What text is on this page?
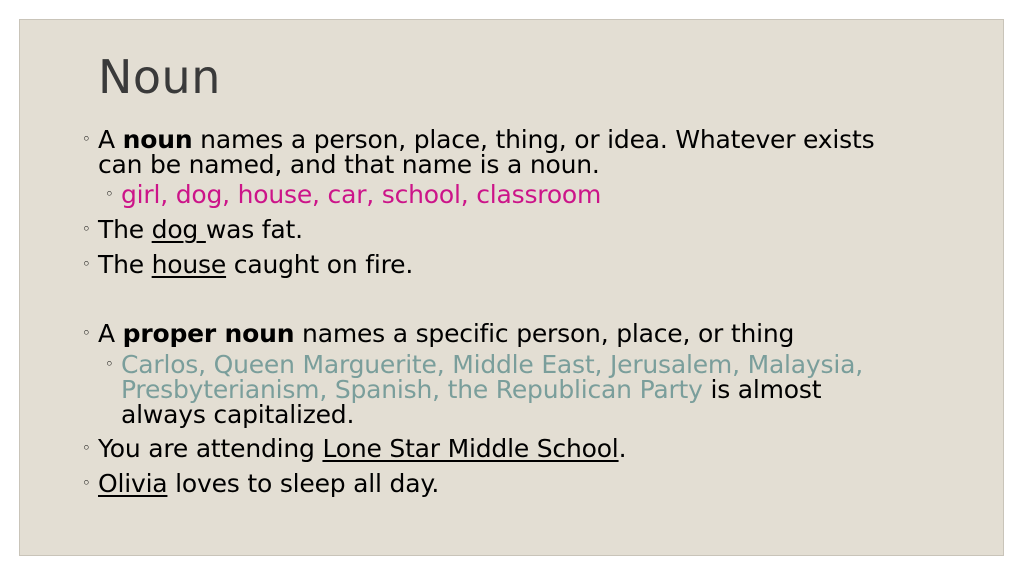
Noun
◦ A noun names a person, place, thing, or idea. Whatever exists
can be named, and that name is a noun.
◦ girl, dog, house, car, school, classroom
◦ The dog was fat.
◦ The house caught on fire.
◦ A proper noun names a specific person, place, or thing
◦ Carlos, Queen Marguerite, Middle East, Jerusalem, Malaysia,
Presbyterianism, Spanish, the Republican Party is almost
always capitalized.
◦ You are attending Lone Star Middle School.
◦ Olivia loves to sleep all day.
